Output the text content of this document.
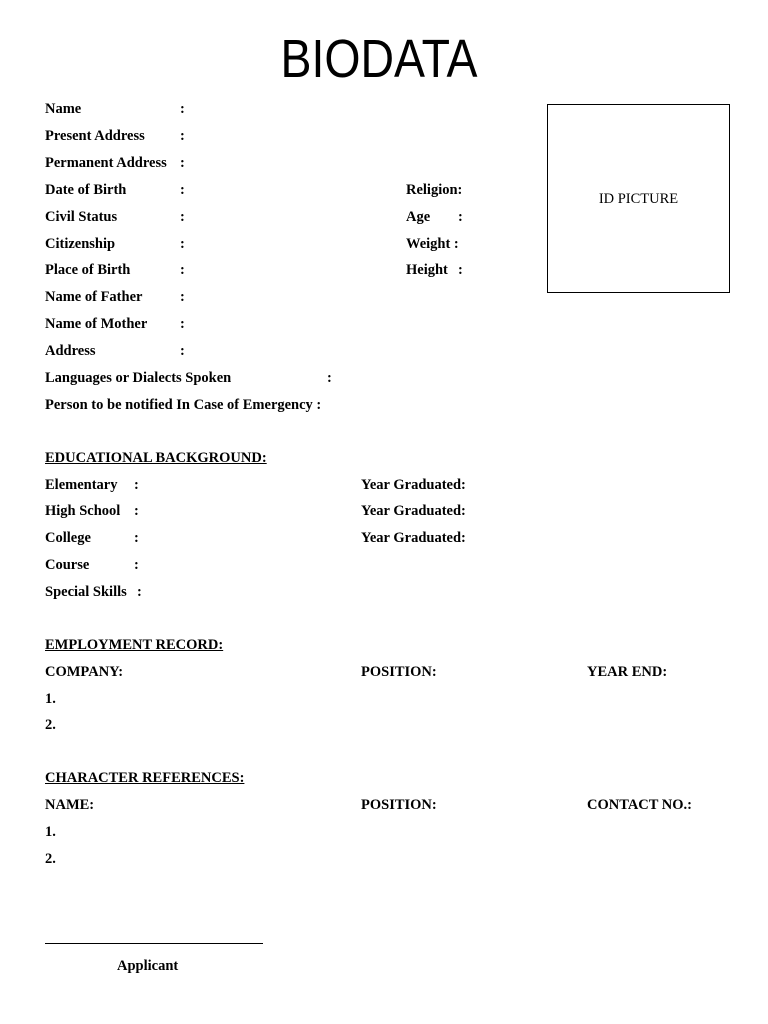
BIODATA
ID PICTURE
Name	:
Present Address :
Permanent Address :
Date of Birth	:	Religion:
Civil Status	:	Age :
Citizenship	:	Weight :
Place of Birth	:	Height :
Name of Father	:
Name of Mother :
Address	:
Languages or Dialects Spoken	:
Person to be notified In Case of Emergency :
EDUCATIONAL BACKGROUND:
Elementary :	Year Graduated:
High School :	Year Graduated:
College	:	Year Graduated:
Course	:
Special Skills :
EMPLOYMENT RECORD:
COMPANY:	POSITION:	YEAR END:
1.
2.
CHARACTER REFERENCES:
NAME:	POSITION:	CONTACT NO.:
1.
2.
Applicant
